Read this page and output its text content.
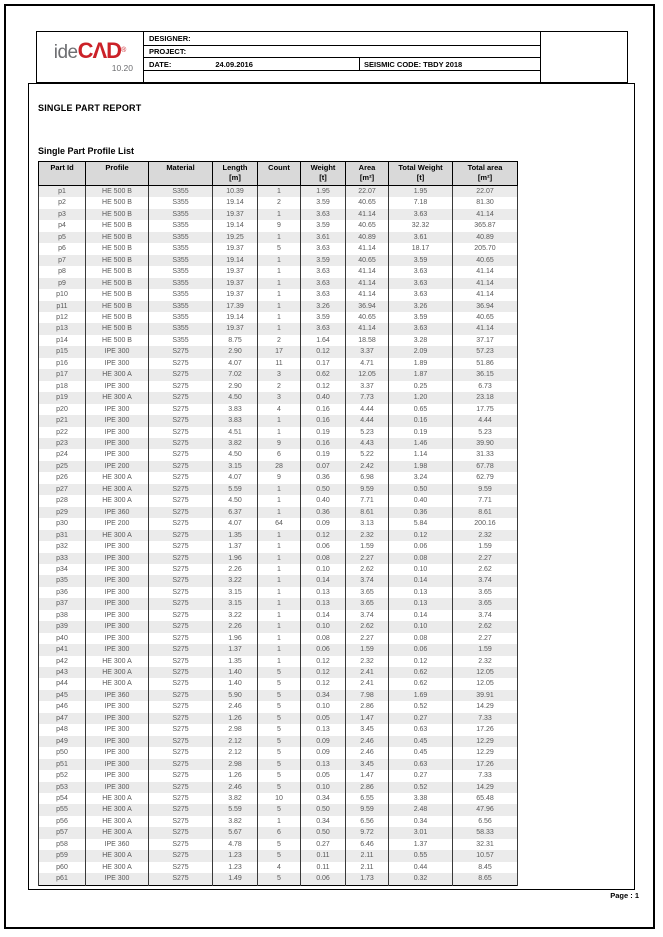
ideCΛD®
10.20
DESIGNER:
PROJECT:
DATE:	24.09.2016	SEISMIC CODE: TBDY 2018
SINGLE PART REPORT
Single Part Profile List
Part Id	Profile	Material	Length
[m]

Count	Weight
[t]

Area
[m²]

Total Weight
[t]

Total area
[m²]

p1	HE 500 B	S355	10.39	1	1.95	22.07	1.95	22.07
p2	HE 500 B	S355	19.14	2	3.59	40.65	7.18	81.30
p3	HE 500 B	S355	19.37	1	3.63	41.14	3.63	41.14
p4	HE 500 B	S355	19.14	9	3.59	40.65	32.32	365.87
p5	HE 500 B	S355	19.25	1	3.61	40.89	3.61	40.89
p6	HE 500 B	S355	19.37	5	3.63	41.14	18.17	205.70
p7	HE 500 B	S355	19.14	1	3.59	40.65	3.59	40.65
p8	HE 500 B	S355	19.37	1	3.63	41.14	3.63	41.14
p9	HE 500 B	S355	19.37	1	3.63	41.14	3.63	41.14
p10	HE 500 B	S355	19.37	1	3.63	41.14	3.63	41.14
p11	HE 500 B	S355	17.39	1	3.26	36.94	3.26	36.94
p12	HE 500 B	S355	19.14	1	3.59	40.65	3.59	40.65
p13	HE 500 B	S355	19.37	1	3.63	41.14	3.63	41.14
p14	HE 500 B	S355	8.75	2	1.64	18.58	3.28	37.17
p15	IPE 300	S275	2.90	17	0.12	3.37	2.09	57.23
p16	IPE 300	S275	4.07	11	0.17	4.71	1.89	51.86
p17	HE 300 A	S275	7.02	3	0.62	12.05	1.87	36.15
p18	IPE 300	S275	2.90	2	0.12	3.37	0.25	6.73
p19	HE 300 A	S275	4.50	3	0.40	7.73	1.20	23.18
p20	IPE 300	S275	3.83	4	0.16	4.44	0.65	17.75
p21	IPE 300	S275	3.83	1	0.16	4.44	0.16	4.44
p22	IPE 300	S275	4.51	1	0.19	5.23	0.19	5.23
p23	IPE 300	S275	3.82	9	0.16	4.43	1.46	39.90
p24	IPE 300	S275	4.50	6	0.19	5.22	1.14	31.33
p25	IPE 200	S275	3.15	28	0.07	2.42	1.98	67.78
p26	HE 300 A	S275	4.07	9	0.36	6.98	3.24	62.79
p27	HE 300 A	S275	5.59	1	0.50	9.59	0.50	9.59
p28	HE 300 A	S275	4.50	1	0.40	7.71	0.40	7.71
p29	IPE 360	S275	6.37	1	0.36	8.61	0.36	8.61
p30	IPE 200	S275	4.07	64	0.09	3.13	5.84	200.16
p31	HE 300 A	S275	1.35	1	0.12	2.32	0.12	2.32
p32	IPE 300	S275	1.37	1	0.06	1.59	0.06	1.59
p33	IPE 300	S275	1.96	1	0.08	2.27	0.08	2.27
p34	IPE 300	S275	2.26	1	0.10	2.62	0.10	2.62
p35	IPE 300	S275	3.22	1	0.14	3.74	0.14	3.74
p36	IPE 300	S275	3.15	1	0.13	3.65	0.13	3.65
p37	IPE 300	S275	3.15	1	0.13	3.65	0.13	3.65
p38	IPE 300	S275	3.22	1	0.14	3.74	0.14	3.74
p39	IPE 300	S275	2.26	1	0.10	2.62	0.10	2.62
p40	IPE 300	S275	1.96	1	0.08	2.27	0.08	2.27
p41	IPE 300	S275	1.37	1	0.06	1.59	0.06	1.59
p42	HE 300 A	S275	1.35	1	0.12	2.32	0.12	2.32
p43	HE 300 A	S275	1.40	5	0.12	2.41	0.62	12.05
p44	HE 300 A	S275	1.40	5	0.12	2.41	0.62	12.05
p45	IPE 360	S275	5.90	5	0.34	7.98	1.69	39.91
p46	IPE 300	S275	2.46	5	0.10	2.86	0.52	14.29
p47	IPE 300	S275	1.26	5	0.05	1.47	0.27	7.33
p48	IPE 300	S275	2.98	5	0.13	3.45	0.63	17.26
p49	IPE 300	S275	2.12	5	0.09	2.46	0.45	12.29
p50	IPE 300	S275	2.12	5	0.09	2.46	0.45	12.29
p51	IPE 300	S275	2.98	5	0.13	3.45	0.63	17.26
p52	IPE 300	S275	1.26	5	0.05	1.47	0.27	7.33
p53	IPE 300	S275	2.46	5	0.10	2.86	0.52	14.29
p54	HE 300 A	S275	3.82	10	0.34	6.55	3.38	65.48
p55	HE 300 A	S275	5.59	5	0.50	9.59	2.48	47.96
p56	HE 300 A	S275	3.82	1	0.34	6.56	0.34	6.56
p57	HE 300 A	S275	5.67	6	0.50	9.72	3.01	58.33
p58	IPE 360	S275	4.78	5	0.27	6.46	1.37	32.31
p59	HE 300 A	S275	1.23	5	0.11	2.11	0.55	10.57
p60	HE 300 A	S275	1.23	4	0.11	2.11	0.44	8.45
p61	IPE 300	S275	1.49	5	0.06	1.73	0.32	8.65
Page : 1
